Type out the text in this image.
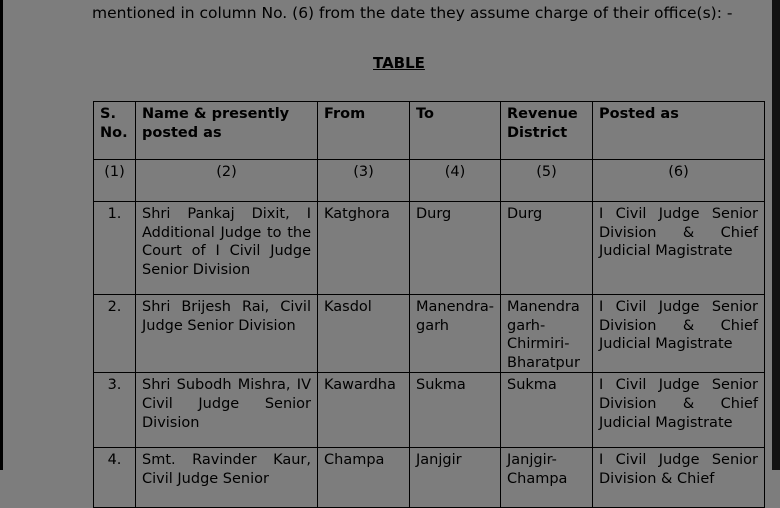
mentioned in column No. (6) from the date they assume charge of their office(s): -
TABLE
S. No.	Name & presently posted as	From	To	Revenue District	Posted as
(1)	(2)	(3)	(4)	(5)	(6)
1.	Shri Pankaj Dixit, I Additional Judge to the Court of I Civil Judge Senior Division	Katghora	Durg	Durg	I Civil Judge Senior Division & Chief Judicial Magistrate
2.	Shri Brijesh Rai, Civil Judge Senior Division	Kasdol	Manendra-garh	Manendra garh-Chirmiri-Bharatpur	I Civil Judge Senior Division & Chief Judicial Magistrate
3.	Shri Subodh Mishra, IV Civil Judge Senior Division	Kawardha	Sukma	Sukma	I Civil Judge Senior Division & Chief Judicial Magistrate
4.	Smt. Ravinder Kaur, Civil Judge Senior	Champa	Janjgir	Janjgir-Champa	I Civil Judge Senior Division & Chief
